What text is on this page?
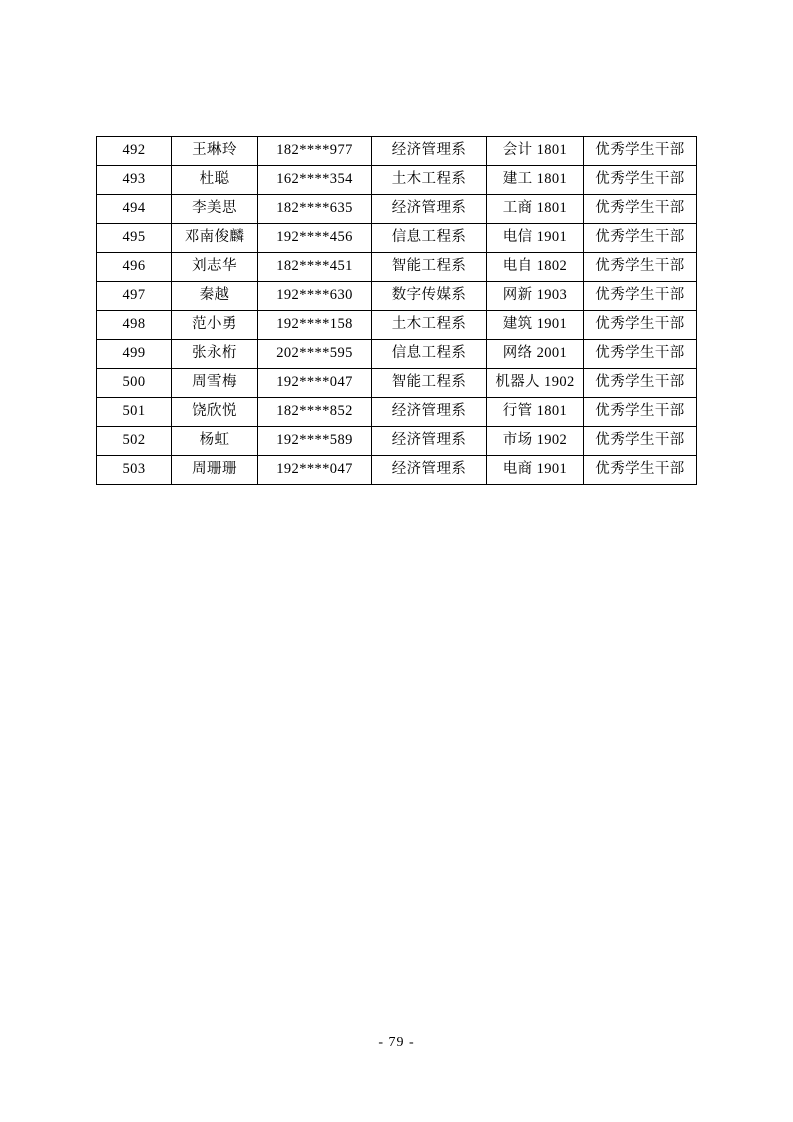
492	王琳玲	182****977	经济管理系	会计 1801	优秀学生干部
493	杜聪	162****354	土木工程系	建工 1801	优秀学生干部
494	李美思	182****635	经济管理系	工商 1801	优秀学生干部
495	邓南俊麟	192****456	信息工程系	电信 1901	优秀学生干部
496	刘志华	182****451	智能工程系	电自 1802	优秀学生干部
497	秦越	192****630	数字传媒系	网新 1903	优秀学生干部
498	范小勇	192****158	土木工程系	建筑 1901	优秀学生干部
499	张永桁	202****595	信息工程系	网络 2001	优秀学生干部
500	周雪梅	192****047	智能工程系	机器人 1902	优秀学生干部
501	饶欣悦	182****852	经济管理系	行管 1801	优秀学生干部
502	杨虹	192****589	经济管理系	市场 1902	优秀学生干部
503	周珊珊	192****047	经济管理系	电商 1901	优秀学生干部
- 79 -
